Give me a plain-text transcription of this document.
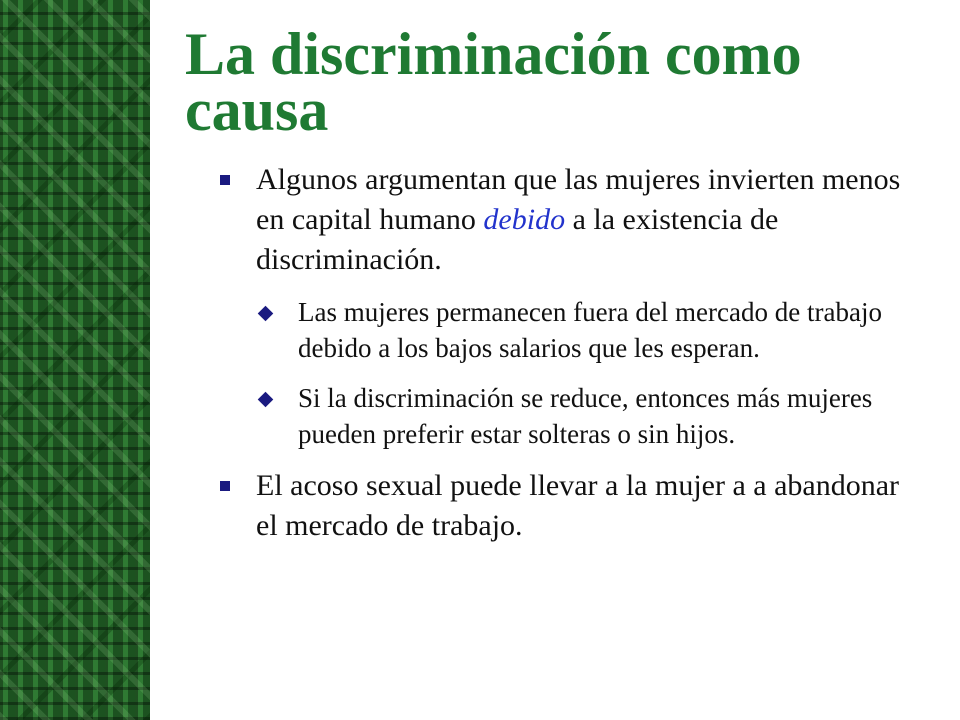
La discriminación como causa
Algunos argumentan que las mujeres invierten menos en capital humano debido a la existencia de discriminación.
Las mujeres permanecen fuera del mercado de trabajo debido a los bajos salarios que les esperan.
Si la discriminación se reduce, entonces más mujeres pueden preferir estar solteras o sin hijos.
El acoso sexual puede llevar a la mujer a a abandonar el mercado de trabajo.
